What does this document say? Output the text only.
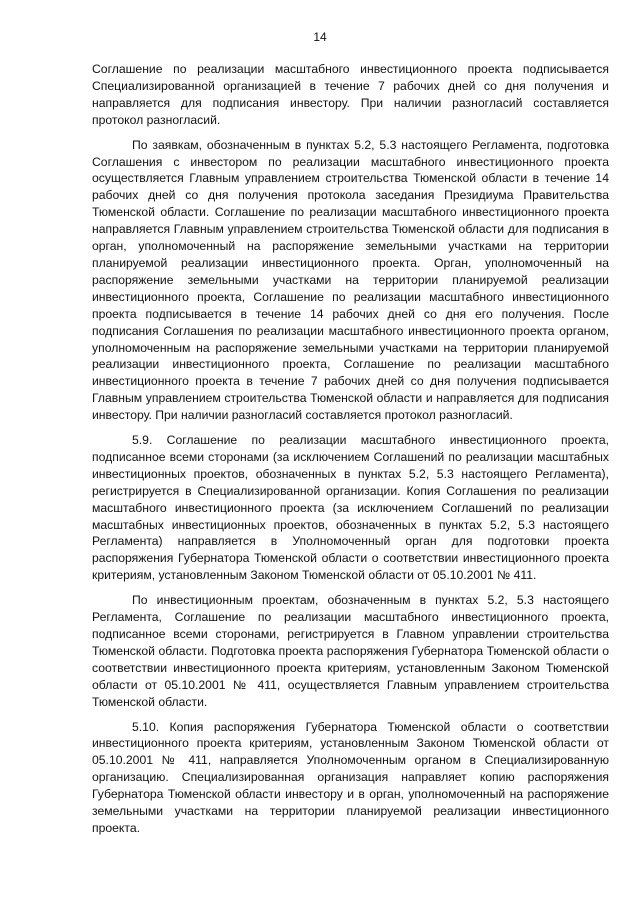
14

Соглашение по реализации масштабного инвестиционного проекта подписывается Специализированной организацией в течение 7 рабочих дней со дня получения и направляется для подписания инвестору. При наличии разногласий составляется протокол разногласий.

По заявкам, обозначенным в пунктах 5.2, 5.3 настоящего Регламента, подготовка Соглашения с инвестором по реализации масштабного инвестиционного проекта осуществляется Главным управлением строительства Тюменской области в течение 14 рабочих дней со дня получения протокола заседания Президиума Правительства Тюменской области. Соглашение по реализации масштабного инвестиционного проекта направляется Главным управлением строительства Тюменской области для подписания в орган, уполномоченный на распоряжение земельными участками на территории планируемой реализации инвестиционного проекта. Орган, уполномоченный на распоряжение земельными участками на территории планируемой реализации инвестиционного проекта, Соглашение по реализации масштабного инвестиционного проекта подписывается в течение 14 рабочих дней со дня его получения. После подписания Соглашения по реализации масштабного инвестиционного проекта органом, уполномоченным на распоряжение земельными участками на территории планируемой реализации инвестиционного проекта, Соглашение по реализации масштабного инвестиционного проекта в течение 7 рабочих дней со дня получения подписывается Главным управлением строительства Тюменской области и направляется для подписания инвестору. При наличии разногласий составляется протокол разногласий.

5.9. Соглашение по реализации масштабного инвестиционного проекта, подписанное всеми сторонами (за исключением Соглашений по реализации масштабных инвестиционных проектов, обозначенных в пунктах 5.2, 5.3 настоящего Регламента), регистрируется в Специализированной организации. Копия Соглашения по реализации масштабного инвестиционного проекта (за исключением Соглашений по реализации масштабных инвестиционных проектов, обозначенных в пунктах 5.2, 5.3 настоящего Регламента) направляется в Уполномоченный орган для подготовки проекта распоряжения Губернатора Тюменской области о соответствии инвестиционного проекта критериям, установленным Законом Тюменской области от 05.10.2001 № 411.

По инвестиционным проектам, обозначенным в пунктах 5.2, 5.3 настоящего Регламента, Соглашение по реализации масштабного инвестиционного проекта, подписанное всеми сторонами, регистрируется в Главном управлении строительства Тюменской области. Подготовка проекта распоряжения Губернатора Тюменской области о соответствии инвестиционного проекта критериям, установленным Законом Тюменской области от 05.10.2001 № 411, осуществляется Главным управлением строительства Тюменской области.

5.10. Копия распоряжения Губернатора Тюменской области о соответствии инвестиционного проекта критериям, установленным Законом Тюменской области от 05.10.2001 № 411, направляется Уполномоченным органом в Специализированную организацию. Специализированная организация направляет копию распоряжения Губернатора Тюменской области инвестору и в орган, уполномоченный на распоряжение земельными участками на территории планируемой реализации инвестиционного проекта.
